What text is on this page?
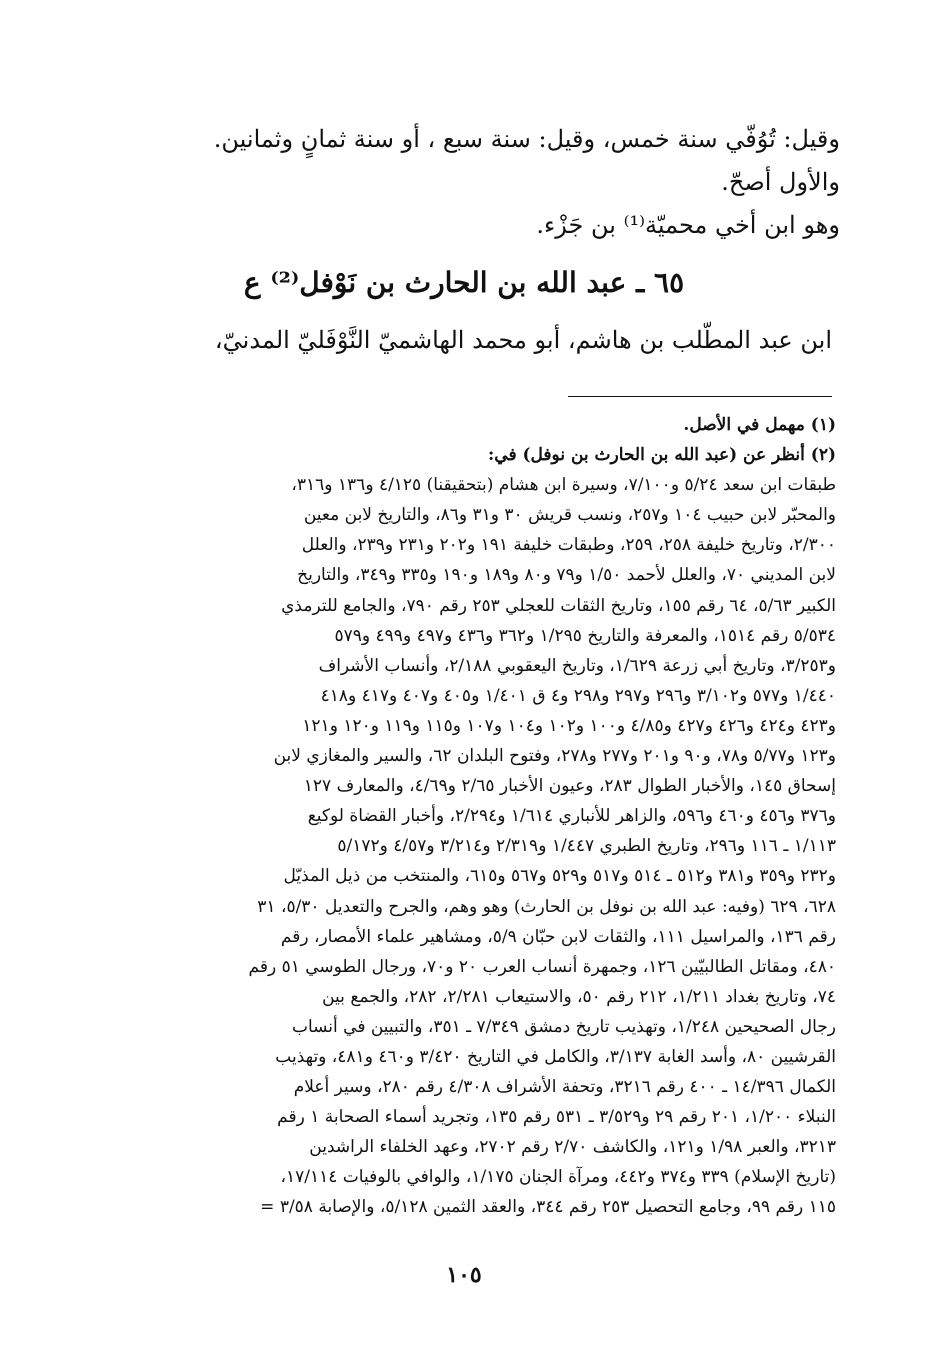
وقيل: تُوُفّي سنة خمس، وقيل: سنة سبع ، أو سنة ثمانٍ وثمانين.

والأول أصحّ.

وهو ابن أخي محميّة⁽¹⁾ بن جَزْء.

٦٥ ـ عبد الله بن الحارث بن نَوْفل⁽²⁾ ع
ابن عبد المطّلب بن هاشم، أبو محمد الهاشميّ النَّوْفَليّ المدنيّ،

(١) مهمل في الأصل.

(٢) أنظر عن (عبد الله بن الحارث بن نوفل) في:

طبقات ابن سعد ٥/٢٤ و٧/١٠٠، وسيرة ابن هشام (بتحقيقنا) ٤/١٢٥ و١٣٦ و٣١٦،

والمحبّر لابن حبيب ١٠٤ و٢٥٧، ونسب قريش ٣٠ و٣١ و٨٦، والتاريخ لابن معين

٢/٣٠٠، وتاريخ خليفة ٢٥٨، ٢٥٩، وطبقات خليفة ١٩١ و٢٠٢ و٢٣١ و٢٣٩، والعلل

لابن المديني ٧٠، والعلل لأحمد ١/٥٠ و٧٩ و٨٠ و١٨٩ و١٩٠ و٣٣٥ و٣٤٩، والتاريخ

الكبير ٥/٦٣، ٦٤ رقم ١٥٥، وتاريخ الثقات للعجلي ٢٥٣ رقم ٧٩٠، والجامع للترمذي

٥/٥٣٤ رقم ١٥١٤، والمعرفة والتاريخ ١/٢٩٥ و٣٦٢ و٤٣٦ و٤٩٧ و٤٩٩ و٥٧٩

و٣/٢٥٣، وتاريخ أبي زرعة ١/٦٢٩، وتاريخ اليعقوبي ٢/١٨٨، وأنساب الأشراف

١/٤٤٠ و٥٧٧ و٣/١٠٢ و٢٩٦ و٢٩٧ و٢٩٨ و٤ ق ١/٤٠١ و٤٠٥ و٤٠٧ و٤١٧ و٤١٨

و٤٢٣ و٤٢٤ و٤٢٦ و٤٢٧ و٤/٨٥ و١٠٠ و١٠٢ و١٠٤ و١٠٧ و١١٥ و١١٩ و١٢٠ و١٢١

و١٢٣ و٥/٧٧ و٧٨، و٩٠ و٢٠١ و٢٧٧ و٢٧٨، وفتوح البلدان ٦٢، والسير والمغازي لابن

إسحاق ١٤٥، والأخبار الطوال ٢٨٣، وعيون الأخبار ٢/٦٥ و٤/٦٩، والمعارف ١٢٧

و٣٧٦ و٤٥٦ و٤٦٠ و٥٩٦، والزاهر للأنباري ١/٦١٤ و٢/٢٩٤، وأخبار القضاة لوكيع

١/١١٣ ـ ١١٦ و٢٩٦، وتاريخ الطبري ١/٤٤٧ و٢/٣١٩ و٣/٢١٤ و٤/٥٧ و٥/١٧٢

و٢٣٢ و٣٥٩ و٣٨١ و٥١٢ ـ ٥١٤ و٥١٧ و٥٢٩ و٥٦٧ و٦١٥، والمنتخب من ذيل المذيّل

٦٢٨، ٦٢٩ (وفيه: عبد الله بن نوفل بن الحارث) وهو وهم، والجرح والتعديل ٥/٣٠، ٣١

رقم ١٣٦، والمراسيل ١١١، والثقات لابن حبّان ٥/٩، ومشاهير علماء الأمصار، رقم

٤٨٠، ومقاتل الطالبيّين ١٢٦، وجمهرة أنساب العرب ٢٠ و٧٠، ورجال الطوسي ٥١ رقم

٧٤، وتاريخ بغداد ١/٢١١، ٢١٢ رقم ٥٠، والاستيعاب ٢/٢٨١، ٢٨٢، والجمع بين

رجال الصحيحين ١/٢٤٨، وتهذيب تاريخ دمشق ٧/٣٤٩ ـ ٣٥١، والتبيين في أنساب

القرشيين ٨٠، وأسد الغابة ٣/١٣٧، والكامل في التاريخ ٣/٤٢٠ و٤٦٠ و٤٨١، وتهذيب

الكمال ١٤/٣٩٦ ـ ٤٠٠ رقم ٣٢١٦، وتحفة الأشراف ٤/٣٠٨ رقم ٢٨٠، وسير أعلام

النبلاء ١/٢٠٠، ٢٠١ رقم ٢٩ و٣/٥٢٩ ـ ٥٣١ رقم ١٣٥، وتجريد أسماء الصحابة ١ رقم

٣٢١٣، والعبر ١/٩٨ و١٢١، والكاشف ٢/٧٠ رقم ٢٧٠٢، وعهد الخلفاء الراشدين

(تاريخ الإسلام) ٣٣٩ و٣٧٤ و٤٤٢، ومرآة الجنان ١/١٧٥، والوافي بالوفيات ١٧/١١٤،

١١٥ رقم ٩٩، وجامع التحصيل ٢٥٣ رقم ٣٤٤، والعقد الثمين ٥/١٢٨، والإصابة ٣/٥٨ =

١٠٥
